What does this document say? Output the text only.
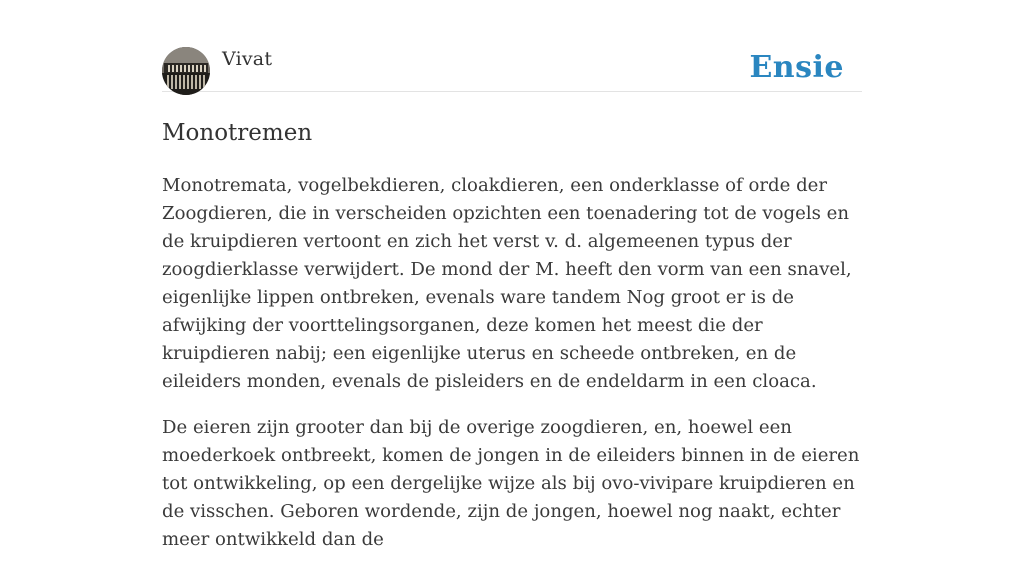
Vivat	Ensie
Monotremen

Monotremata, vogelbekdieren, cloakdieren, een onderklasse of orde der Zoogdieren, die in verscheiden opzichten een toenadering tot de vogels en de kruipdieren vertoont en zich het verst v. d. algemeenen typus der zoogdierklasse verwijdert. De mond der M. heeft den vorm van een snavel, eigenlijke lippen ontbreken, evenals ware tandem Nog groot er is de afwijking der voorttelingsorganen, deze komen het meest die der kruipdieren nabij; een eigenlijke uterus en scheede ontbreken, en de eileiders monden, evenals de pisleiders en de endeldarm in een cloaca.

De eieren zijn grooter dan bij de overige zoogdieren, en, hoewel een moederkoek ontbreekt, komen de jongen in de eileiders binnen in de eieren tot ontwikkeling, op een dergelijke wijze als bij ovo-vivipare kruipdieren en de visschen. Geboren wordende, zijn de jongen, hoewel nog naakt, echter meer ontwikkeld dan de
